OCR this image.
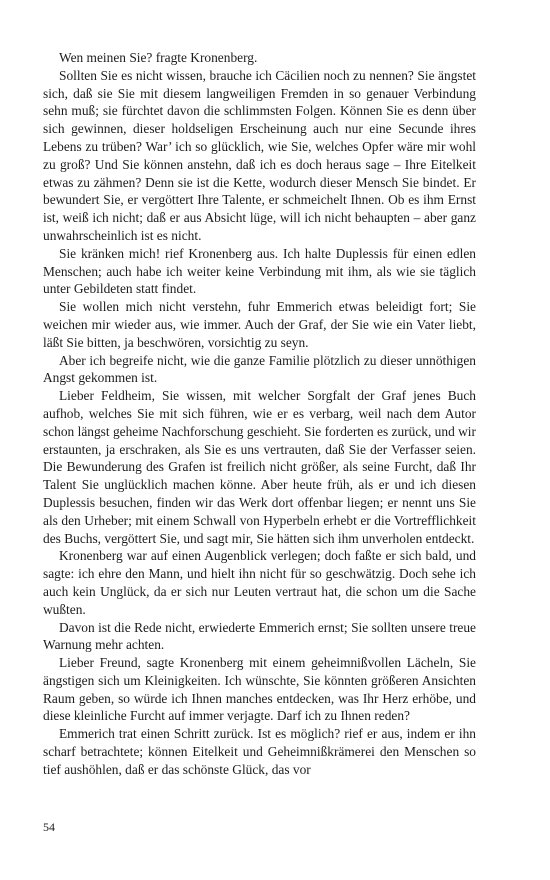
Wen meinen Sie? fragte Kronenberg.

Sollten Sie es nicht wissen, brauche ich Cäcilien noch zu nennen? Sie ängstet sich, daß sie Sie mit diesem langweiligen Fremden in so genauer Verbindung sehn muß; sie fürchtet davon die schlimmsten Folgen. Können Sie es denn über sich gewinnen, dieser holdseligen Erscheinung auch nur eine Secunde ihres Lebens zu trüben? War’ ich so glücklich, wie Sie, welches Opfer wäre mir wohl zu groß? Und Sie können anstehn, daß ich es doch heraus sage – Ihre Eitelkeit etwas zu zähmen? Denn sie ist die Kette, wodurch dieser Mensch Sie bindet. Er bewundert Sie, er vergöttert Ihre Talente, er schmeichelt Ihnen. Ob es ihm Ernst ist, weiß ich nicht; daß er aus Absicht lüge, will ich nicht behaupten – aber ganz unwahrscheinlich ist es nicht.

Sie kränken mich! rief Kronenberg aus. Ich halte Duplessis für einen edlen Menschen; auch habe ich weiter keine Verbindung mit ihm, als wie sie täglich unter Gebildeten statt findet.

Sie wollen mich nicht verstehn, fuhr Emmerich etwas beleidigt fort; Sie weichen mir wieder aus, wie immer. Auch der Graf, der Sie wie ein Vater liebt, läßt Sie bitten, ja beschwören, vorsichtig zu seyn.

Aber ich begreife nicht, wie die ganze Familie plötzlich zu dieser unnöthigen Angst gekommen ist.

Lieber Feldheim, Sie wissen, mit welcher Sorgfalt der Graf jenes Buch aufhob, welches Sie mit sich führen, wie er es verbarg, weil nach dem Autor schon längst geheime Nachforschung geschieht. Sie forderten es zurück, und wir erstaunten, ja erschraken, als Sie es uns vertrauten, daß Sie der Verfasser seien. Die Bewunderung des Grafen ist freilich nicht größer, als seine Furcht, daß Ihr Talent Sie unglücklich machen könne. Aber heute früh, als er und ich diesen Duplessis besuchen, finden wir das Werk dort offenbar liegen; er nennt uns Sie als den Urheber; mit einem Schwall von Hyperbeln erhebt er die Vortrefflichkeit des Buchs, vergöttert Sie, und sagt mir, Sie hätten sich ihm unverholen entdeckt.

Kronenberg war auf einen Augenblick verlegen; doch faßte er sich bald, und sagte: ich ehre den Mann, und hielt ihn nicht für so geschwätzig. Doch sehe ich auch kein Unglück, da er sich nur Leuten vertraut hat, die schon um die Sache wußten.

Davon ist die Rede nicht, erwiederte Emmerich ernst; Sie sollten unsere treue Warnung mehr achten.

Lieber Freund, sagte Kronenberg mit einem geheimnißvollen Lächeln, Sie ängstigen sich um Kleinigkeiten. Ich wünschte, Sie könnten größeren Ansichten Raum geben, so würde ich Ihnen manches entdecken, was Ihr Herz erhöbe, und diese kleinliche Furcht auf immer verjagte. Darf ich zu Ihnen reden?

Emmerich trat einen Schritt zurück. Ist es möglich? rief er aus, indem er ihn scharf betrachtete; können Eitelkeit und Geheimnißkrämerei den Menschen so tief aushöhlen, daß er das schönste Glück, das vor

54
